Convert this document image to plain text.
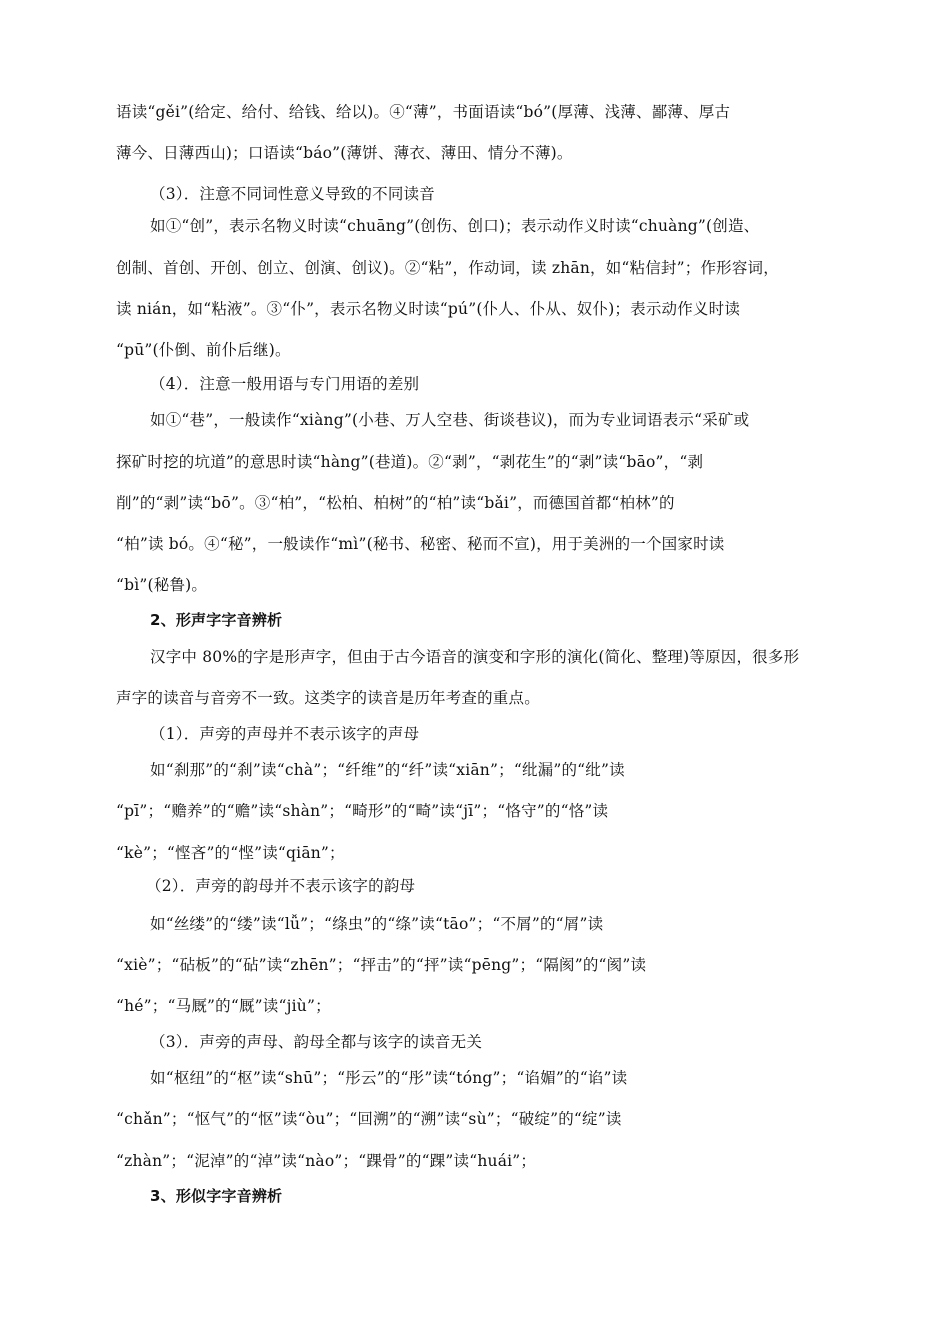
语读“gěi”(给定、给付、给钱、给以)。④“薄”，书面语读“bó”(厚薄、浅薄、鄙薄、厚古
薄今、日薄西山)；口语读“báo”(薄饼、薄衣、薄田、情分不薄)。
（3）．注意不同词性意义导致的不同读音
如①“创”，表示名物义时读“chuāng”(创伤、创口)；表示动作义时读“chuàng”(创造、
创制、首创、开创、创立、创演、创议)。②“粘”，作动词，读 zhān，如“粘信封”；作形容词，
读 nián，如“粘液”。③“仆”，表示名物义时读“pú”(仆人、仆从、奴仆)；表示动作义时读
“pū”(仆倒、前仆后继)。
（4）．注意一般用语与专门用语的差别
如①“巷”，一般读作“xiàng”(小巷、万人空巷、街谈巷议)，而为专业词语表示“采矿或
探矿时挖的坑道”的意思时读“hàng”(巷道)。②“剥”，“剥花生”的“剥”读“bāo”，“剥
削”的“剥”读“bō”。③“柏”，“松柏、柏树”的“柏”读“bǎi”，而德国首都“柏林”的
“柏”读 bó。④“秘”，一般读作“mì”(秘书、秘密、秘而不宣)，用于美洲的一个国家时读
“bì”(秘鲁)。
2、形声字字音辨析
汉字中 80%的字是形声字，但由于古今语音的演变和字形的演化(简化、整理)等原因，很多形
声字的读音与音旁不一致。这类字的读音是历年考查的重点。
（1）．声旁的声母并不表示该字的声母
如“刹那”的“刹”读“chà”；“纤维”的“纤”读“xiān”；“纰漏”的“纰”读
“pī”；“赡养”的“赡”读“shàn”；“畸形”的“畸”读“jī”；“恪守”的“恪”读
“kè”；“悭吝”的“悭”读“qiān”；
（2）．声旁的韵母并不表示该字的韵母
如“丝缕”的“缕”读“lǚ”；“绦虫”的“绦”读“tāo”；“不屑”的“屑”读
“xiè”；“砧板”的“砧”读“zhēn”；“抨击”的“抨”读“pēng”；“隔阂”的“阂”读
“hé”；“马厩”的“厩”读“jiù”；
（3）．声旁的声母、韵母全都与该字的读音无关
如“枢纽”的“枢”读“shū”；“彤云”的“彤”读“tóng”；“谄媚”的“谄”读
“chǎn”；“怄气”的“怄”读“òu”；“回溯”的“溯”读“sù”；“破绽”的“绽”读
“zhàn”；“泥淖”的“淖”读“nào”；“踝骨”的“踝”读“huái”；
3、形似字字音辨析
